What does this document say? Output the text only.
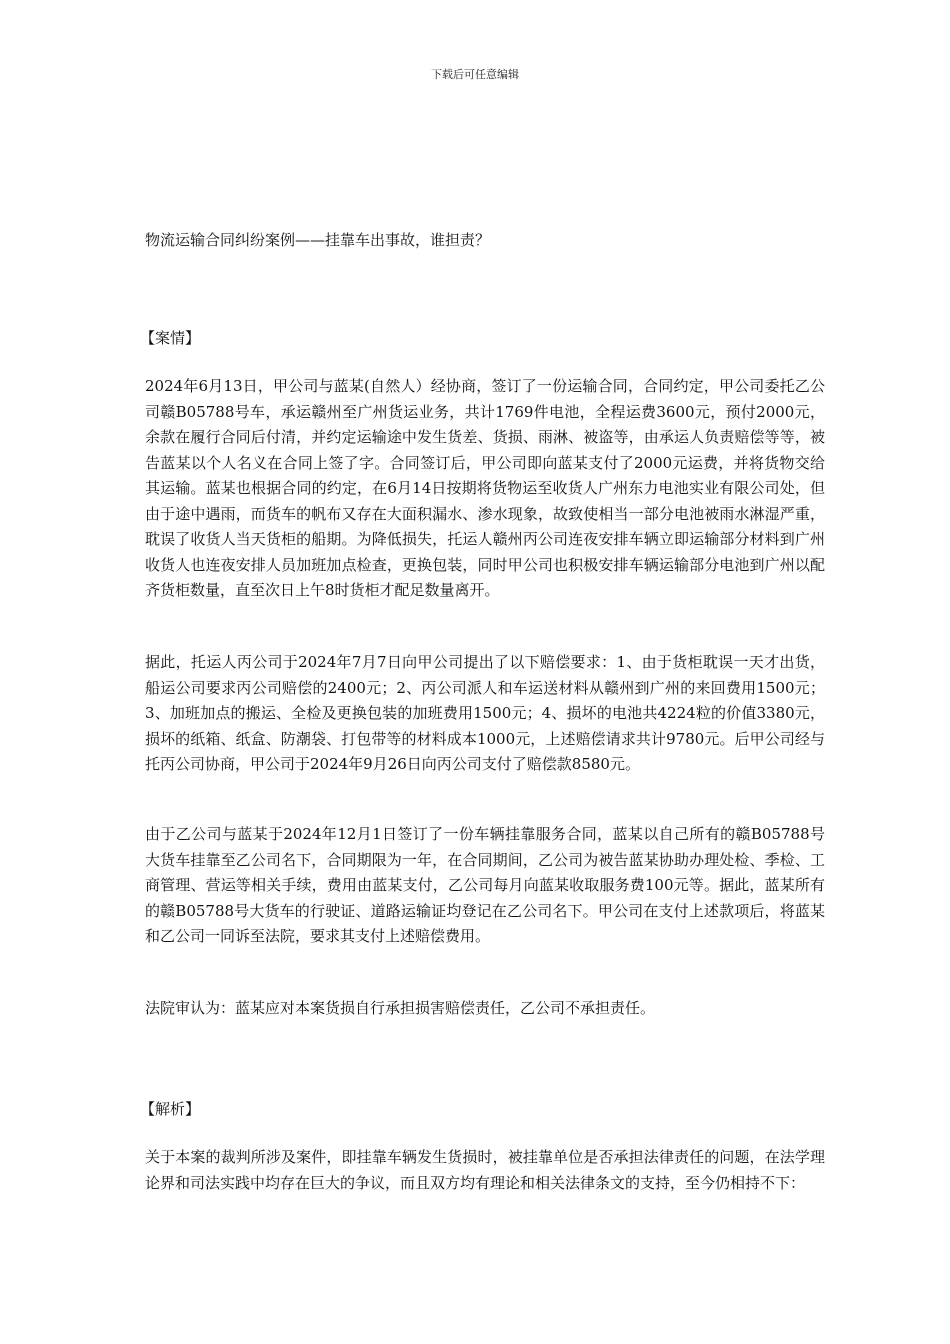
下载后可任意编辑
物流运输合同纠纷案例——挂靠车出事故，谁担责？
【案情】
2024年6月13日，甲公司与蓝某(自然人）经协商，签订了一份运输合同，合同约定，甲公司委托乙公司赣B05788号车，承运赣州至广州货运业务，共计1769件电池，全程运费3600元，预付2000元，余款在履行合同后付清，并约定运输途中发生货差、货损、雨淋、被盗等，由承运人负责赔偿等等，被告蓝某以个人名义在合同上签了字。合同签订后，甲公司即向蓝某支付了2000元运费，并将货物交给其运输。蓝某也根据合同的约定，在6月14日按期将货物运至收货人广州东力电池实业有限公司处，但由于途中遇雨，而货车的帆布又存在大面积漏水、渗水现象，故致使相当一部分电池被雨水淋湿严重，耽误了收货人当天货柜的船期。为降低损失，托运人赣州丙公司连夜安排车辆立即运输部分材料到广州收货人也连夜安排人员加班加点检查，更换包装，同时甲公司也积极安排车辆运输部分电池到广州以配齐货柜数量，直至次日上午8时货柜才配足数量离开。
据此，托运人丙公司于2024年7月7日向甲公司提出了以下赔偿要求：1、由于货柜耽误一天才出货，船运公司要求丙公司赔偿的2400元；2、丙公司派人和车运送材料从赣州到广州的来回费用1500元；3、加班加点的搬运、全检及更换包装的加班费用1500元；4、损坏的电池共4224粒的价值3380元，损坏的纸箱、纸盒、防潮袋、打包带等的材料成本1000元，上述赔偿请求共计9780元。后甲公司经与托丙公司协商，甲公司于2024年9月26日向丙公司支付了赔偿款8580元。
由于乙公司与蓝某于2024年12月1日签订了一份车辆挂靠服务合同，蓝某以自己所有的赣B05788号大货车挂靠至乙公司名下，合同期限为一年，在合同期间，乙公司为被告蓝某协助办理处检、季检、工商管理、营运等相关手续，费用由蓝某支付，乙公司每月向蓝某收取服务费100元等。据此，蓝某所有的赣B05788号大货车的行驶证、道路运输证均登记在乙公司名下。甲公司在支付上述款项后，将蓝某和乙公司一同诉至法院，要求其支付上述赔偿费用。
法院审认为：蓝某应对本案货损自行承担损害赔偿责任，乙公司不承担责任。
【解析】
关于本案的裁判所涉及案件，即挂靠车辆发生货损时，被挂靠单位是否承担法律责任的问题，在法学理论界和司法实践中均存在巨大的争议，而且双方均有理论和相关法律条文的支持，至今仍相持不下：
